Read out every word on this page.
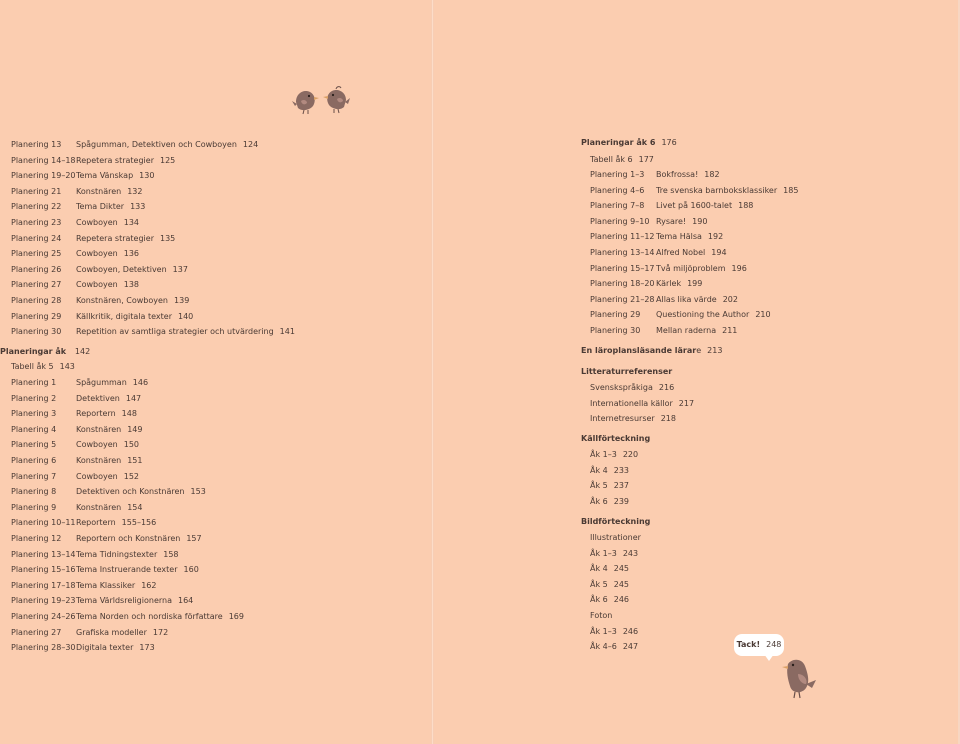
Planering 13 Spågumman, Detektiven och Cowboyen 124
Planering 14–18 Repetera strategier 125
Planering 19–20 Tema Vänskap 130
Planering 21 Konstnären 132
Planering 22 Tema Dikter 133
Planering 23 Cowboyen 134
Planering 24 Repetera strategier 135
Planering 25 Cowboyen 136
Planering 26 Cowboyen, Detektiven 137
Planering 27 Cowboyen 138
Planering 28 Konstnären, Cowboyen 139
Planering 29 Källkritik, digitala texter 140
Planering 30 Repetition av samtliga strategier och utvärdering 141
Planeringar åk 142
Tabell åk 5 143
Planering 1 Spågumman 146
Planering 2 Detektiven 147
Planering 3 Reportern 148
Planering 4 Konstnären 149
Planering 5 Cowboyen 150
Planering 6 Konstnären 151
Planering 7 Cowboyen 152
Planering 8 Detektiven och Konstnären 153
Planering 9 Konstnären 154
Planering 10–11 Reportern 155–156
Planering 12 Reportern och Konstnären 157
Planering 13–14 Tema Tidningstexter 158
Planering 15–16 Tema Instruerande texter 160
Planering 17–18 Tema Klassiker 162
Planering 19–23 Tema Världsreligionerna 164
Planering 24–26 Tema Norden och nordiska författare 169
Planering 27 Grafiska modeller 172
Planering 28–30 Digitala texter 173
Planeringar åk 6 176
Tabell åk 6 177
Planering 1–3 Bokfrossa! 182
Planering 4–6 Tre svenska barnboksklassiker 185
Planering 7–8 Livet på 1600-talet 188
Planering 9–10 Rysare! 190
Planering 11–12 Tema Hälsa 192
Planering 13–14 Alfred Nobel 194
Planering 15–17 Två miljöproblem 196
Planering 18–20 Kärlek 199
Planering 21–28 Allas lika värde 202
Planering 29 Questioning the Author 210
Planering 30 Mellan raderna 211
En läroplansläsande lärare 213
Litteraturreferenser
Svenskspråkiga 216
Internationella källor 217
Internetresurser 218
Källförteckning
Åk 1–3 220
Åk 4 233
Åk 5 237
Åk 6 239
Bildförteckning
Illustrationer
Åk 1–3 243
Åk 4 245
Åk 5 245
Åk 6 246
Foton
Åk 1–3 246
Åk 4–6 247	Tack! 248
